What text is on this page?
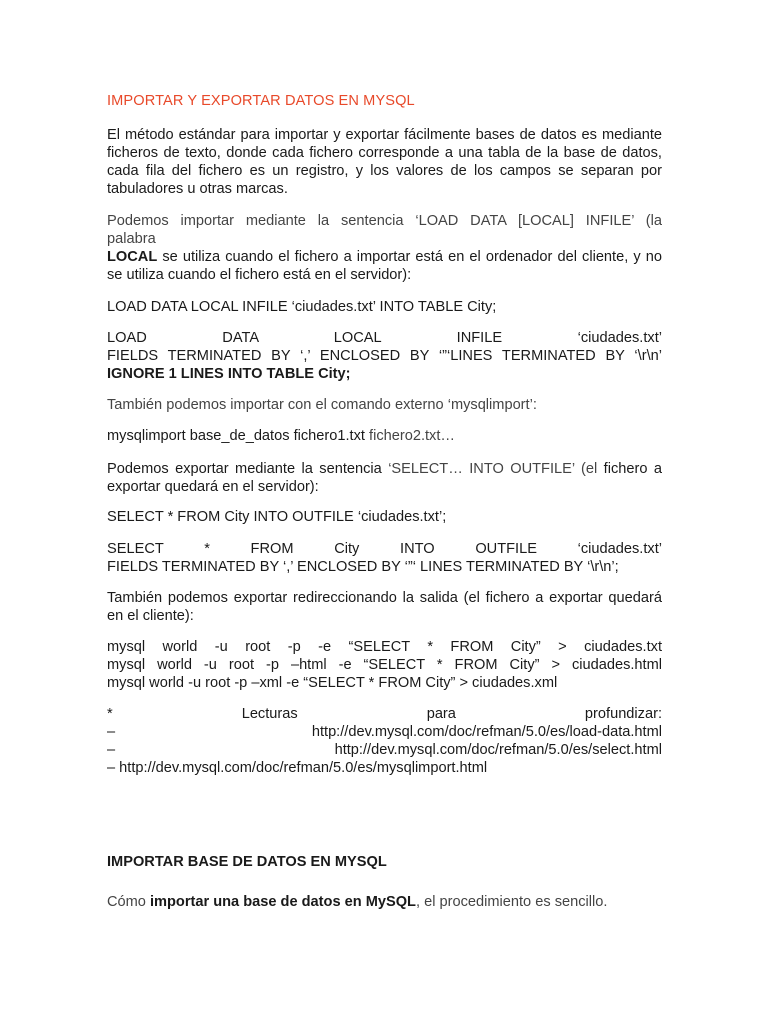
IMPORTAR Y EXPORTAR DATOS EN MYSQL
El método estándar para importar y exportar fácilmente bases de datos es mediante ficheros de texto, donde cada fichero corresponde a una tabla de la base de datos, cada fila del fichero es un registro, y los valores de los campos se separan por tabuladores u otras marcas.
Podemos importar mediante la sentencia ‘LOAD DATA [LOCAL] INFILE’ (la
palabra
LOCAL se utiliza cuando el fichero a importar está en el ordenador del cliente, y no se utiliza cuando el fichero está en el servidor):
LOAD DATA LOCAL INFILE ‘ciudades.txt’ INTO TABLE City;
LOAD DATA LOCAL INFILE ‘ciudades.txt’
FIELDS TERMINATED BY ‘,’ ENCLOSED BY ‘”‘LINES TERMINATED BY ‘\r\n’
IGNORE 1 LINES INTO TABLE City;
También podemos importar con el comando externo ‘mysqlimport’:
mysqlimport base_de_datos fichero1.txt fichero2.txt…
Podemos exportar mediante la sentencia ‘SELECT… INTO OUTFILE’ (el fichero a exportar quedará en el servidor):
SELECT * FROM City INTO OUTFILE ‘ciudades.txt’;
SELECT * FROM City INTO OUTFILE ‘ciudades.txt’
FIELDS TERMINATED BY ‘,’ ENCLOSED BY ‘”‘ LINES TERMINATED BY ‘\r\n’;
También podemos exportar redireccionando la salida (el fichero a exportar quedará en el cliente):
mysql world -u root -p -e “SELECT * FROM City” > ciudades.txt
mysql world -u root -p –html -e “SELECT * FROM City” > ciudades.html
mysql world -u root -p –xml -e “SELECT * FROM City” > ciudades.xml
* Lecturas para profundizar:
– http://dev.mysql.com/doc/refman/5.0/es/load-data.html
– http://dev.mysql.com/doc/refman/5.0/es/select.html
– http://dev.mysql.com/doc/refman/5.0/es/mysqlimport.html
IMPORTAR BASE DE DATOS EN MYSQL
Cómo importar una base de datos en MySQL, el procedimiento es sencillo.
